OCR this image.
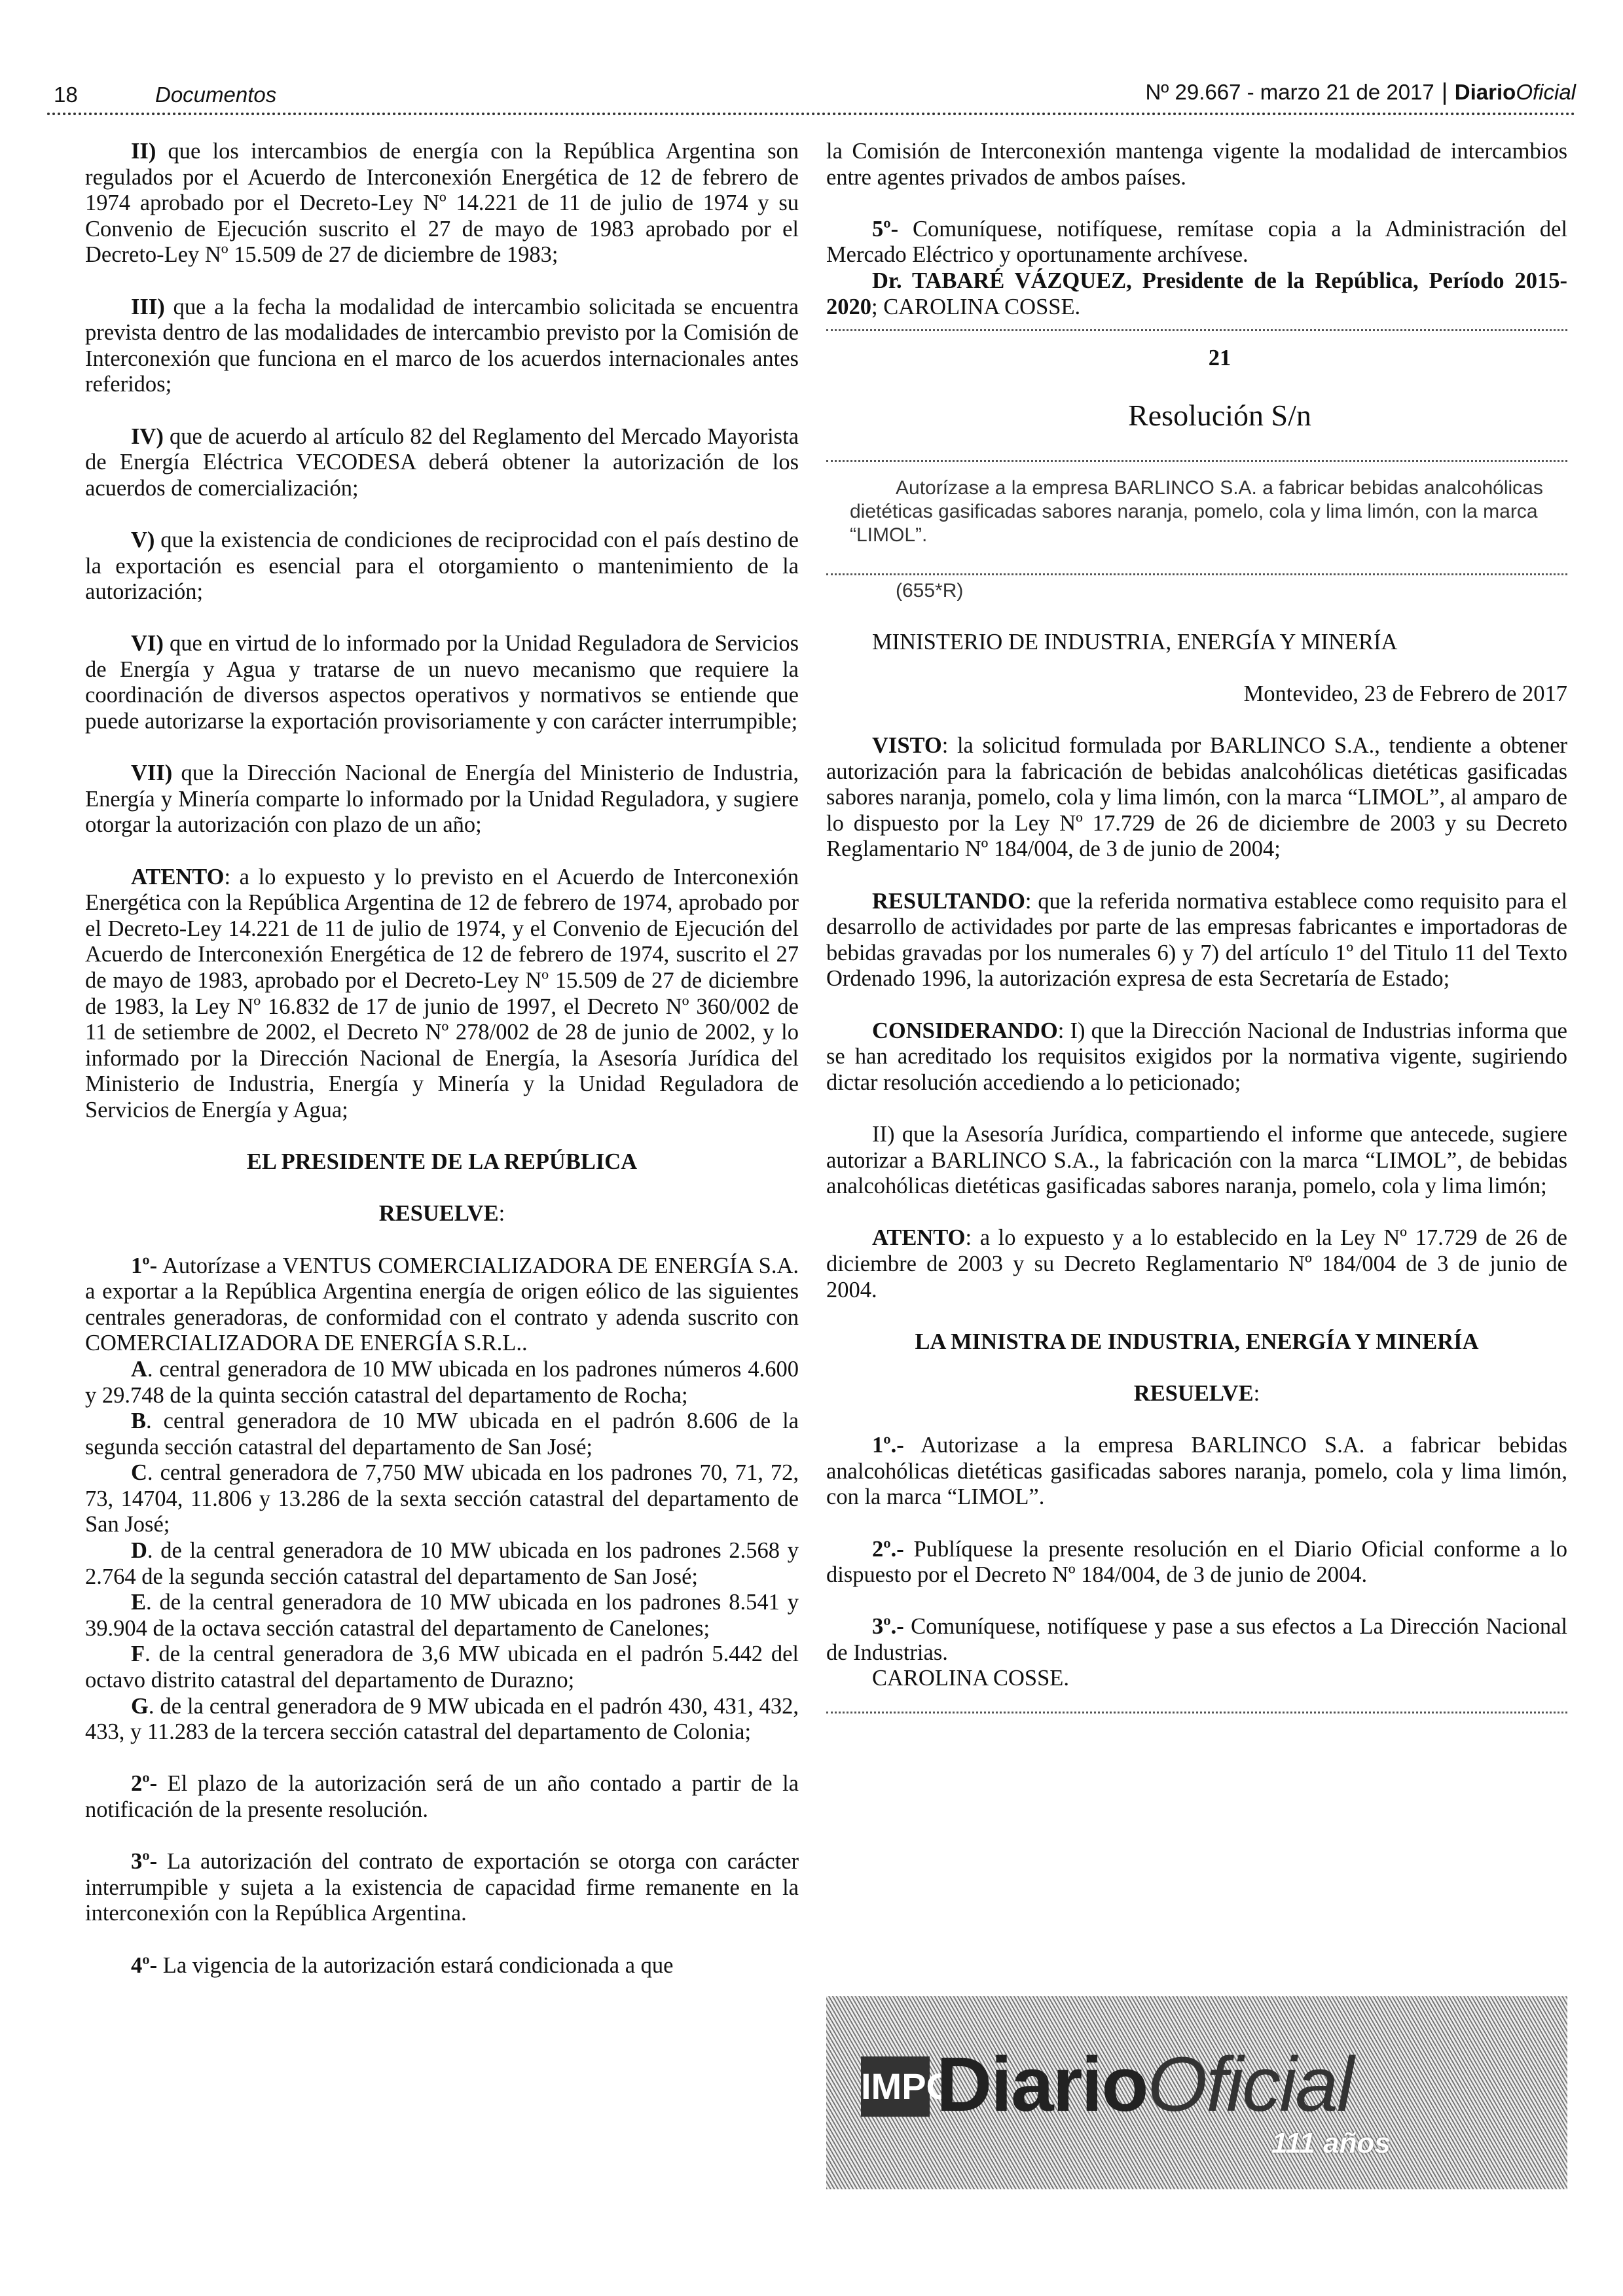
18	Documentos	Nº 29.667 - marzo 21 de 2017 DiarioOficial

II) que los intercambios de energía con la República Argentina son regulados por el Acuerdo de Interconexión Energética de 12 de febrero de 1974 aprobado por el Decreto-Ley Nº 14.221 de 11 de julio de 1974 y su Convenio de Ejecución suscrito el 27 de mayo de 1983 aprobado por el Decreto-Ley Nº 15.509 de 27 de diciembre de 1983;

III) que a la fecha la modalidad de intercambio solicitada se encuentra prevista dentro de las modalidades de intercambio previsto por la Comisión de Interconexión que funciona en el marco de los acuerdos internacionales antes referidos;

IV) que de acuerdo al artículo 82 del Reglamento del Mercado Mayorista de Energía Eléctrica VECODESA deberá obtener la autorización de los acuerdos de comercialización;

V) que la existencia de condiciones de reciprocidad con el país destino de la exportación es esencial para el otorgamiento o mantenimiento de la autorización;

VI) que en virtud de lo informado por la Unidad Reguladora de Servicios de Energía y Agua y tratarse de un nuevo mecanismo que requiere la coordinación de diversos aspectos operativos y normativos se entiende que puede autorizarse la exportación provisoriamente y con carácter interrumpible;

VII) que la Dirección Nacional de Energía del Ministerio de Industria, Energía y Minería comparte lo informado por la Unidad Reguladora, y sugiere otorgar la autorización con plazo de un año;

ATENTO: a lo expuesto y lo previsto en el Acuerdo de Interconexión Energética con la República Argentina de 12 de febrero de 1974, aprobado por el Decreto-Ley 14.221 de 11 de julio de 1974, y el Convenio de Ejecución del Acuerdo de Interconexión Energética de 12 de febrero de 1974, suscrito el 27 de mayo de 1983, aprobado por el Decreto-Ley Nº 15.509 de 27 de diciembre de 1983, la Ley Nº 16.832 de 17 de junio de 1997, el Decreto Nº 360/002 de 11 de setiembre de 2002, el Decreto Nº 278/002 de 28 de junio de 2002, y lo informado por la Dirección Nacional de Energía, la Asesoría Jurídica del Ministerio de Industria, Energía y Minería y la Unidad Reguladora de Servicios de Energía y Agua;

EL PRESIDENTE DE LA REPÚBLICA
RESUELVE:

1º- Autorízase a VENTUS COMERCIALIZADORA DE ENERGÍA S.A. a exportar a la República Argentina energía de origen eólico de las siguientes centrales generadoras, de conformidad con el contrato y adenda suscrito con COMERCIALIZADORA DE ENERGÍA S.R.L..

A. central generadora de 10 MW ubicada en los padrones números 4.600 y 29.748 de la quinta sección catastral del departamento de Rocha;

B. central generadora de 10 MW ubicada en el padrón 8.606 de la segunda sección catastral del departamento de San José;

C. central generadora de 7,750 MW ubicada en los padrones 70, 71, 72, 73, 14704, 11.806 y 13.286 de la sexta sección catastral del departamento de San José;

D. de la central generadora de 10 MW ubicada en los padrones 2.568 y 2.764 de la segunda sección catastral del departamento de San José;

E. de la central generadora de 10 MW ubicada en los padrones 8.541 y 39.904 de la octava sección catastral del departamento de Canelones;

F. de la central generadora de 3,6 MW ubicada en el padrón 5.442 del octavo distrito catastral del departamento de Durazno;

G. de la central generadora de 9 MW ubicada en el padrón 430, 431, 432, 433, y 11.283 de la tercera sección catastral del departamento de Colonia;

2º- El plazo de la autorización será de un año contado a partir de la notificación de la presente resolución.

3º- La autorización del contrato de exportación se otorga con carácter interrumpible y sujeta a la existencia de capacidad firme remanente en la interconexión con la República Argentina.

4º- La vigencia de la autorización estará condicionada a que

la Comisión de Interconexión mantenga vigente la modalidad de intercambios entre agentes privados de ambos países.

5º- Comuníquese, notifíquese, remítase copia a la Administración del Mercado Eléctrico y oportunamente archívese.

Dr. TABARÉ VÁZQUEZ, Presidente de la República, Período 2015-2020; CAROLINA COSSE.

21

Resolución S/n

Autorízase a la empresa BARLINCO S.A. a fabricar bebidas analcohólicas dietéticas gasificadas sabores naranja, pomelo, cola y lima limón, con la marca “LIMOL”.

(655*R)

MINISTERIO DE INDUSTRIA, ENERGÍA Y MINERÍA

Montevideo, 23 de Febrero de 2017

VISTO: la solicitud formulada por BARLINCO S.A., tendiente a obtener autorización para la fabricación de bebidas analcohólicas dietéticas gasificadas sabores naranja, pomelo, cola y lima limón, con la marca “LIMOL”, al amparo de lo dispuesto por la Ley Nº 17.729 de 26 de diciembre de 2003 y su Decreto Reglamentario Nº 184/004, de 3 de junio de 2004;

RESULTANDO: que la referida normativa establece como requisito para el desarrollo de actividades por parte de las empresas fabricantes e importadoras de bebidas gravadas por los numerales 6) y 7) del artículo 1º del Titulo 11 del Texto Ordenado 1996, la autorización expresa de esta Secretaría de Estado;

CONSIDERANDO: I) que la Dirección Nacional de Industrias informa que se han acreditado los requisitos exigidos por la normativa vigente, sugiriendo dictar resolución accediendo a lo peticionado;

II) que la Asesoría Jurídica, compartiendo el informe que antecede, sugiere autorizar a BARLINCO S.A., la fabricación con la marca “LIMOL”, de bebidas analcohólicas dietéticas gasificadas sabores naranja, pomelo, cola y lima limón;

ATENTO: a lo expuesto y a lo establecido en la Ley Nº 17.729 de 26 de diciembre de 2003 y su Decreto Reglamentario Nº 184/004 de 3 de junio de 2004.

LA MINISTRA DE INDUSTRIA, ENERGÍA Y MINERÍA
RESUELVE:

1º.- Autorizase a la empresa BARLINCO S.A. a fabricar bebidas analcohólicas dietéticas gasificadas sabores naranja, pomelo, cola y lima limón, con la marca “LIMOL”.

2º.- Publíquese la presente resolución en el Diario Oficial conforme a lo dispuesto por el Decreto Nº 184/004, de 3 de junio de 2004.

3º.- Comuníquese, notifíquese y pase a sus efectos a La Dirección Nacional de Industrias.

CAROLINA COSSE.

IMPO
DiarioOficial
111 años
